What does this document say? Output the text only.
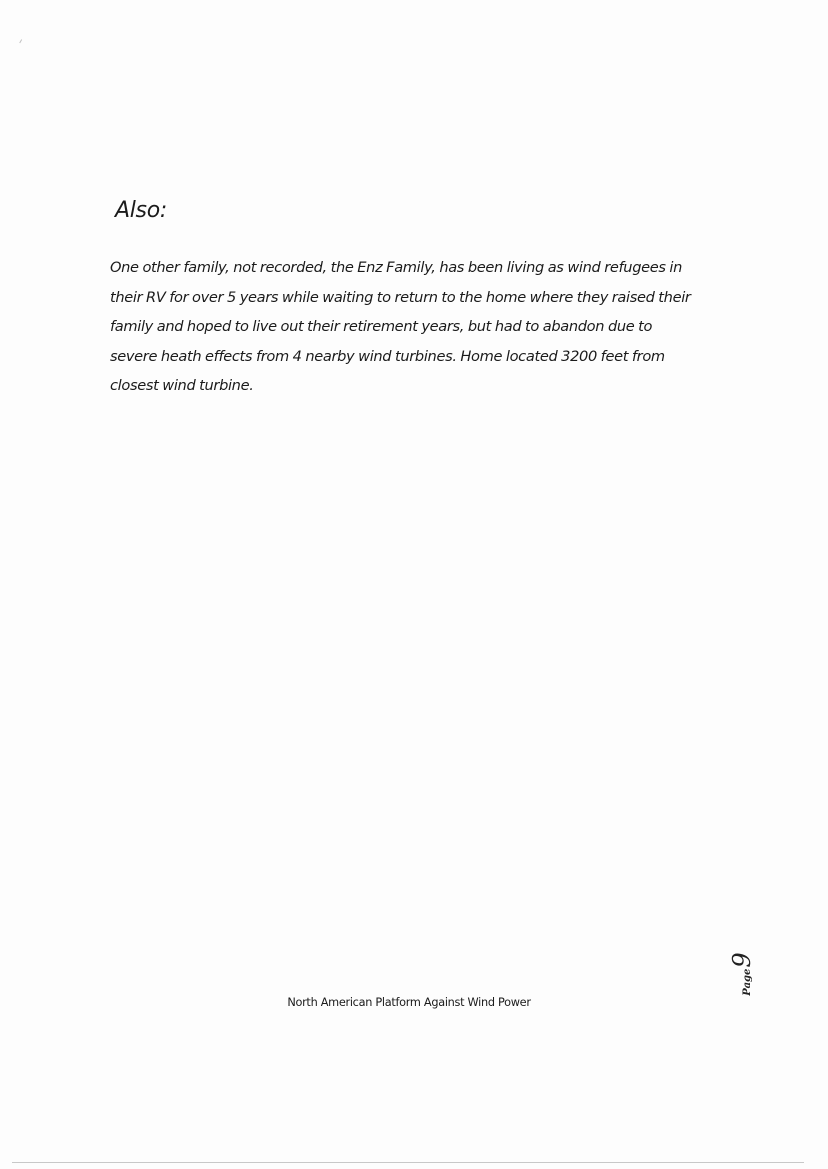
Also:

One other family, not recorded, the Enz Family, has been living as wind refugees in
their RV for over 5 years while waiting to return to the home where they raised their
family and hoped to live out their retirement years, but had to abandon due to
severe heath effects from 4 nearby wind turbines. Home located 3200 feet from
closest wind turbine.

Page
9

North American Platform Against Wind Power
